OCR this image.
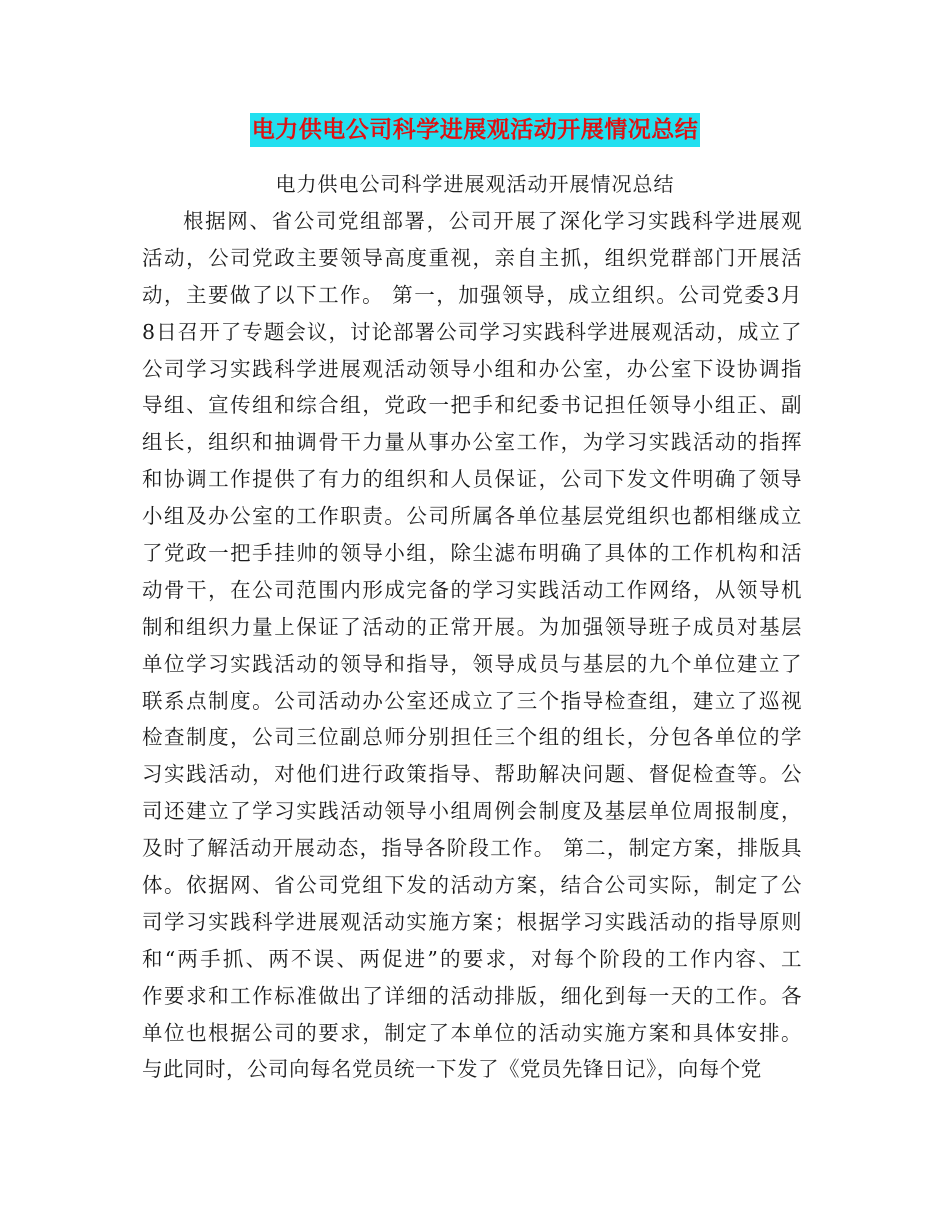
电力供电公司科学进展观活动开展情况总结
电力供电公司科学进展观活动开展情况总结
根据网、省公司党组部署，公司开展了深化学习实践科学进展观
活动，公司党政主要领导高度重视，亲自主抓，组织党群部门开展活
动，主要做了以下工作。 第一，加强领导，成立组织。公司党委3月
8日召开了专题会议，讨论部署公司学习实践科学进展观活动，成立了
公司学习实践科学进展观活动领导小组和办公室，办公室下设协调指
导组、宣传组和综合组，党政一把手和纪委书记担任领导小组正、副
组长，组织和抽调骨干力量从事办公室工作，为学习实践活动的指挥
和协调工作提供了有力的组织和人员保证，公司下发文件明确了领导
小组及办公室的工作职责。公司所属各单位基层党组织也都相继成立
了党政一把手挂帅的领导小组，除尘滤布明确了具体的工作机构和活
动骨干，在公司范围内形成完备的学习实践活动工作网络，从领导机
制和组织力量上保证了活动的正常开展。为加强领导班子成员对基层
单位学习实践活动的领导和指导，领导成员与基层的九个单位建立了
联系点制度。公司活动办公室还成立了三个指导检查组，建立了巡视
检查制度，公司三位副总师分别担任三个组的组长，分包各单位的学
习实践活动，对他们进行政策指导、帮助解决问题、督促检查等。公
司还建立了学习实践活动领导小组周例会制度及基层单位周报制度，
及时了解活动开展动态，指导各阶段工作。 第二，制定方案，排版具
体。依据网、省公司党组下发的活动方案，结合公司实际，制定了公
司学习实践科学进展观活动实施方案；根据学习实践活动的指导原则
和“两手抓、两不误、两促进”的要求，对每个阶段的工作内容、工
作要求和工作标准做出了详细的活动排版，细化到每一天的工作。各
单位也根据公司的要求，制定了本单位的活动实施方案和具体安排。
与此同时，公司向每名党员统一下发了《党员先锋日记》，向每个党
